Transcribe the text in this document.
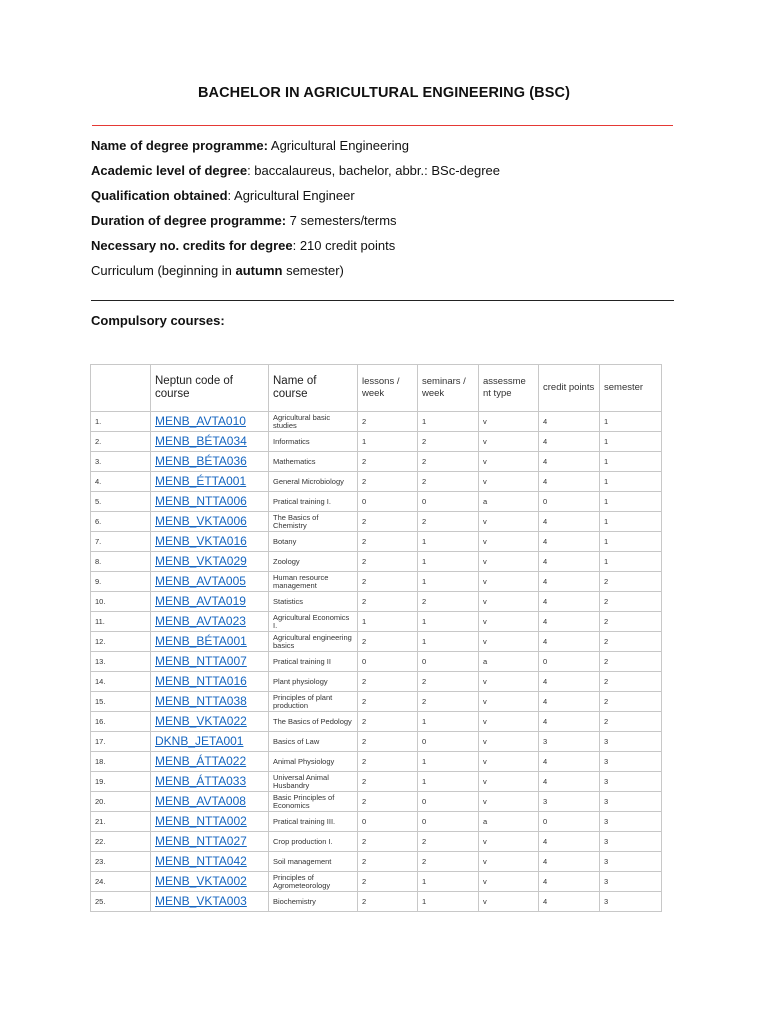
BACHELOR IN AGRICULTURAL ENGINEERING (BSC)
Name of degree programme: Agricultural Engineering
Academic level of degree: baccalaureus, bachelor, abbr.: BSc-degree
Qualification obtained: Agricultural Engineer
Duration of degree programme: 7 semesters/terms
Necessary no. credits for degree: 210 credit points
Curriculum (beginning in autumn semester)
Compulsory courses:
	Neptun code of course	Name of course	lessons / week	seminars / week	assessme nt type	credit points	semester
1.	MENB_AVTA010	Agricultural basic studies	2	1	v	4	1
2.	MENB_BÉTA034	Informatics	1	2	v	4	1
3.	MENB_BÉTA036	Mathematics	2	2	v	4	1
4.	MENB_ÉTTA001	General Microbiology	2	2	v	4	1
5.	MENB_NTTA006	Pratical training I.	0	0	a	0	1
6.	MENB_VKTA006	The Basics of Chemistry	2	2	v	4	1
7.	MENB_VKTA016	Botany	2	1	v	4	1
8.	MENB_VKTA029	Zoology	2	1	v	4	1
9.	MENB_AVTA005	Human resource management	2	1	v	4	2
10.	MENB_AVTA019	Statistics	2	2	v	4	2
11.	MENB_AVTA023	Agricultural Economics I.	1	1	v	4	2
12.	MENB_BÉTA001	Agricultural engineering basics	2	1	v	4	2
13.	MENB_NTTA007	Pratical training II	0	0	a	0	2
14.	MENB_NTTA016	Plant physiology	2	2	v	4	2
15.	MENB_NTTA038	Principles of plant production	2	2	v	4	2
16.	MENB_VKTA022	The Basics of Pedology	2	1	v	4	2
17.	DKNB_JETA001	Basics of Law	2	0	v	3	3
18.	MENB_ÁTTA022	Animal Physiology	2	1	v	4	3
19.	MENB_ÁTTA033	Universal Animal Husbandry	2	1	v	4	3
20.	MENB_AVTA008	Basic Principles of Economics	2	0	v	3	3
21.	MENB_NTTA002	Pratical training III.	0	0	a	0	3
22.	MENB_NTTA027	Crop production I.	2	2	v	4	3
23.	MENB_NTTA042	Soil management	2	2	v	4	3
24.	MENB_VKTA002	Principles of Agrometeorology	2	1	v	4	3
25.	MENB_VKTA003	Biochemistry	2	1	v	4	3
